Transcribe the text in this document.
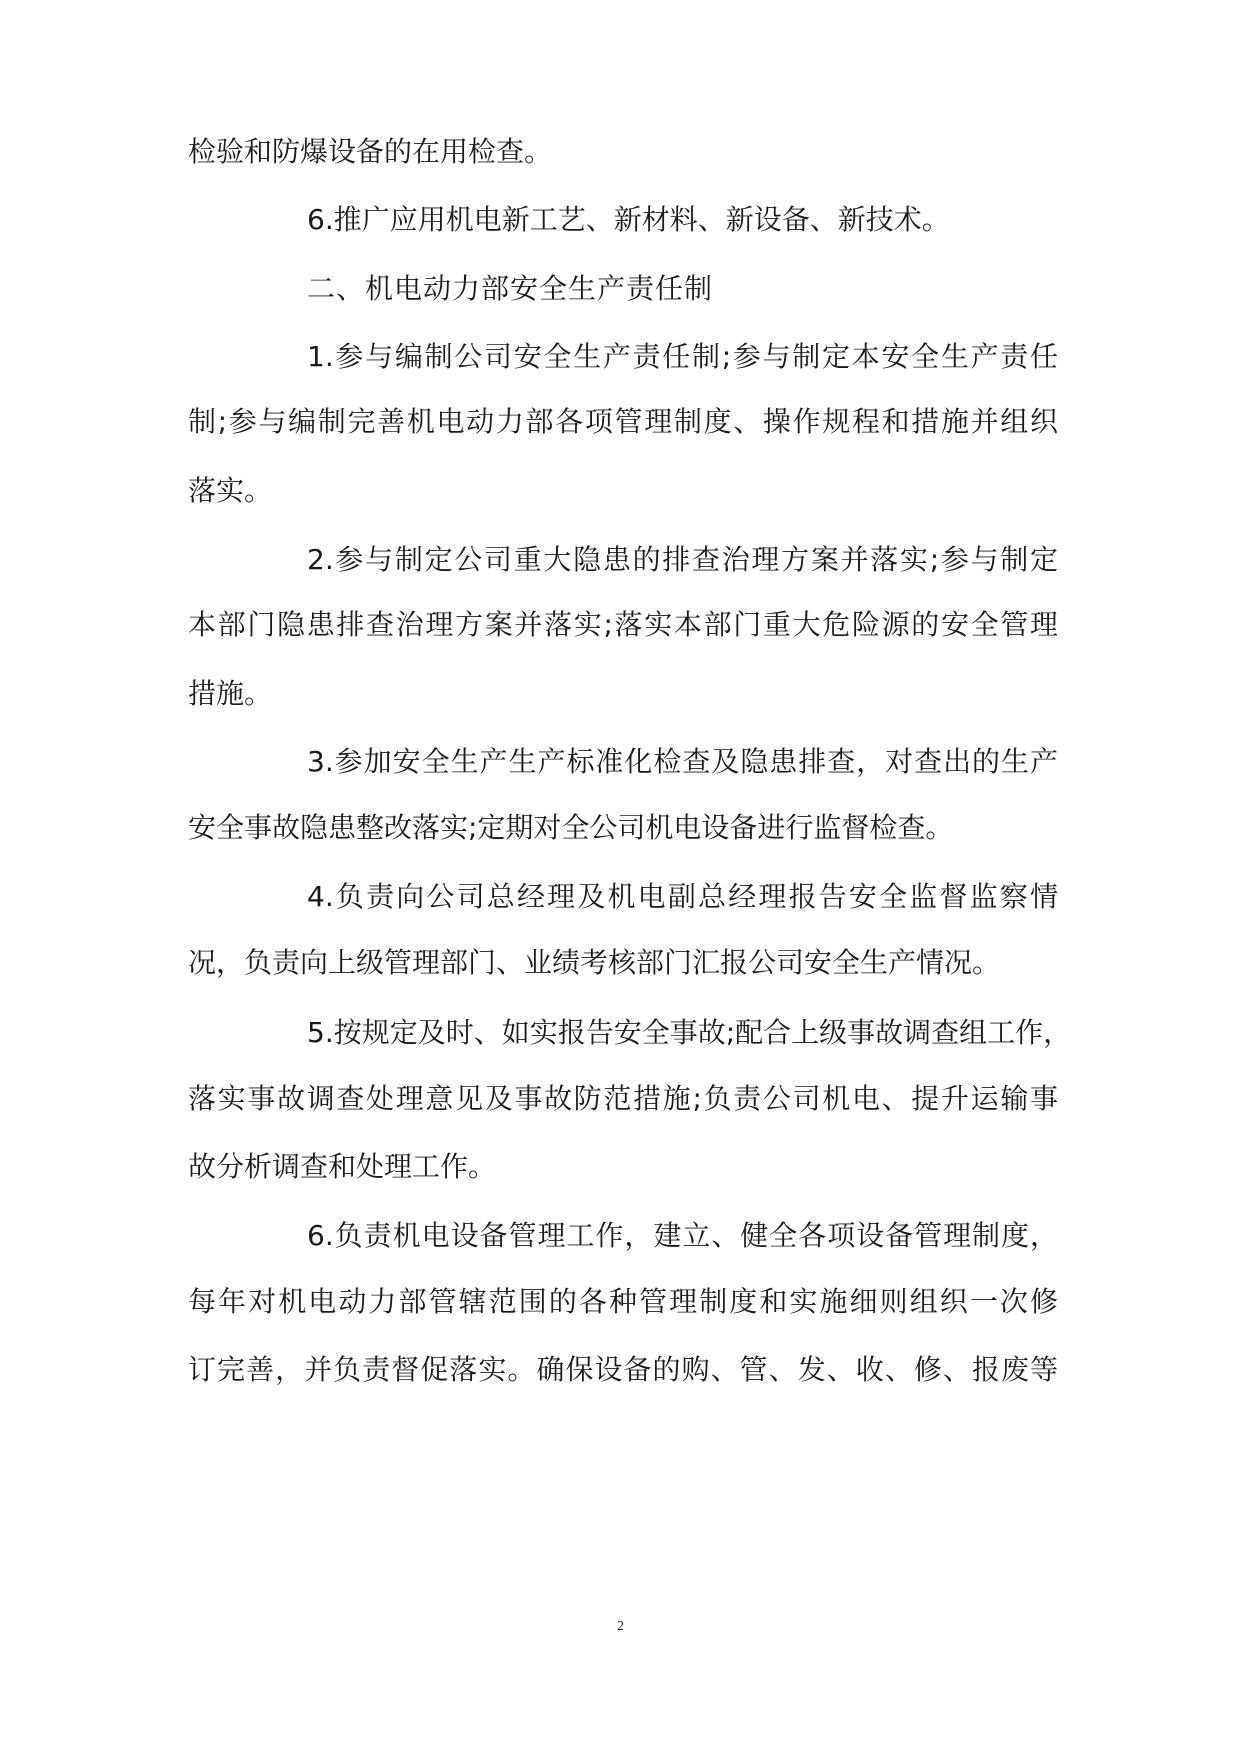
检验和防爆设备的在用检查。
6.推广应用机电新工艺、新材料、新设备、新技术。
二、机电动力部安全生产责任制
1.参与编制公司安全生产责任制;参与制定本安全生产责任
制;参与编制完善机电动力部各项管理制度、操作规程和措施并组织
落实。
2.参与制定公司重大隐患的排查治理方案并落实;参与制定
本部门隐患排查治理方案并落实;落实本部门重大危险源的安全管理
措施。
3.参加安全生产生产标准化检查及隐患排查，对查出的生产
安全事故隐患整改落实;定期对全公司机电设备进行监督检查。
4.负责向公司总经理及机电副总经理报告安全监督监察情
况，负责向上级管理部门、业绩考核部门汇报公司安全生产情况。
5.按规定及时、如实报告安全事故;配合上级事故调查组工作，
落实事故调查处理意见及事故防范措施;负责公司机电、提升运输事
故分析调查和处理工作。
6.负责机电设备管理工作，建立、健全各项设备管理制度，
每年对机电动力部管辖范围的各种管理制度和实施细则组织一次修
订完善，并负责督促落实。确保设备的购、管、发、收、修、报废等
2
